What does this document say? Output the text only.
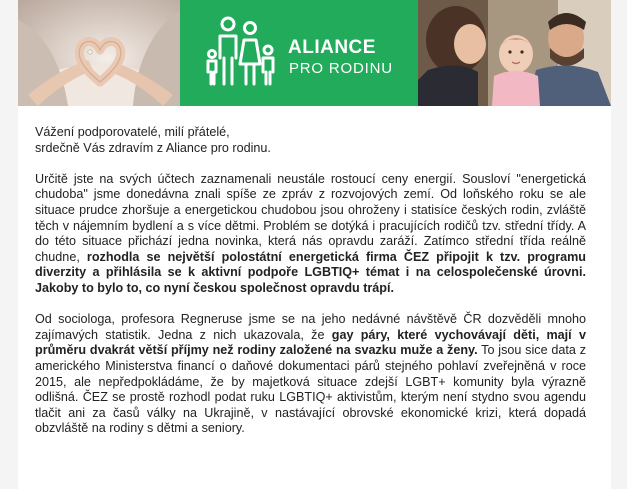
ALIANCE
PRO RODINU

Vážení podporovatelé, milí přátelé,
srdečně Vás zdravím z Aliance pro rodinu.

Určitě jste na svých účtech zaznamenali neustále rostoucí ceny energií. Sousloví "energetická chudoba" jsme donedávna znali spíše ze zpráv z rozvojových zemí. Od loňského roku se ale situace prudce zhoršuje a energetickou chudobou jsou ohroženy i statisíce českých rodin, zvláště těch v nájemním bydlení a s více dětmi. Problém se dotýká i pracujících rodičů tzv. střední třídy. A do této situace přichází jedna novinka, která nás opravdu zaráží. Zatímco střední třída reálně chudne, rozhodla se největší polostátní energetická firma ČEZ připojit k tzv. programu diverzity a přihlásila se k aktivní podpoře LGBTIQ+ témat i na celospolečenské úrovni. Jakoby to bylo to, co nyní českou společnost opravdu trápí.

Od sociologa, profesora Regneruse jsme se na jeho nedávné návštěvě ČR dozvěděli mnoho zajímavých statistik. Jedna z nich ukazovala, že gay páry, které vychovávají děti, mají v průměru dvakrát větší příjmy než rodiny založené na svazku muže a ženy. To jsou sice data z amerického Ministerstva financí o daňové dokumentaci párů stejného pohlaví zveřejněná v roce 2015, ale nepředpokládáme, že by majetková situace zdejší LGBT+ komunity byla výrazně odlišná. ČEZ se prostě rozhodl podat ruku LGBTIQ+ aktivistům, kterým není stydno svou agendu tlačit ani za časů války na Ukrajině, v nastávající obrovské ekonomické krizi, která dopadá obzvláště na rodiny s dětmi a seniory.
